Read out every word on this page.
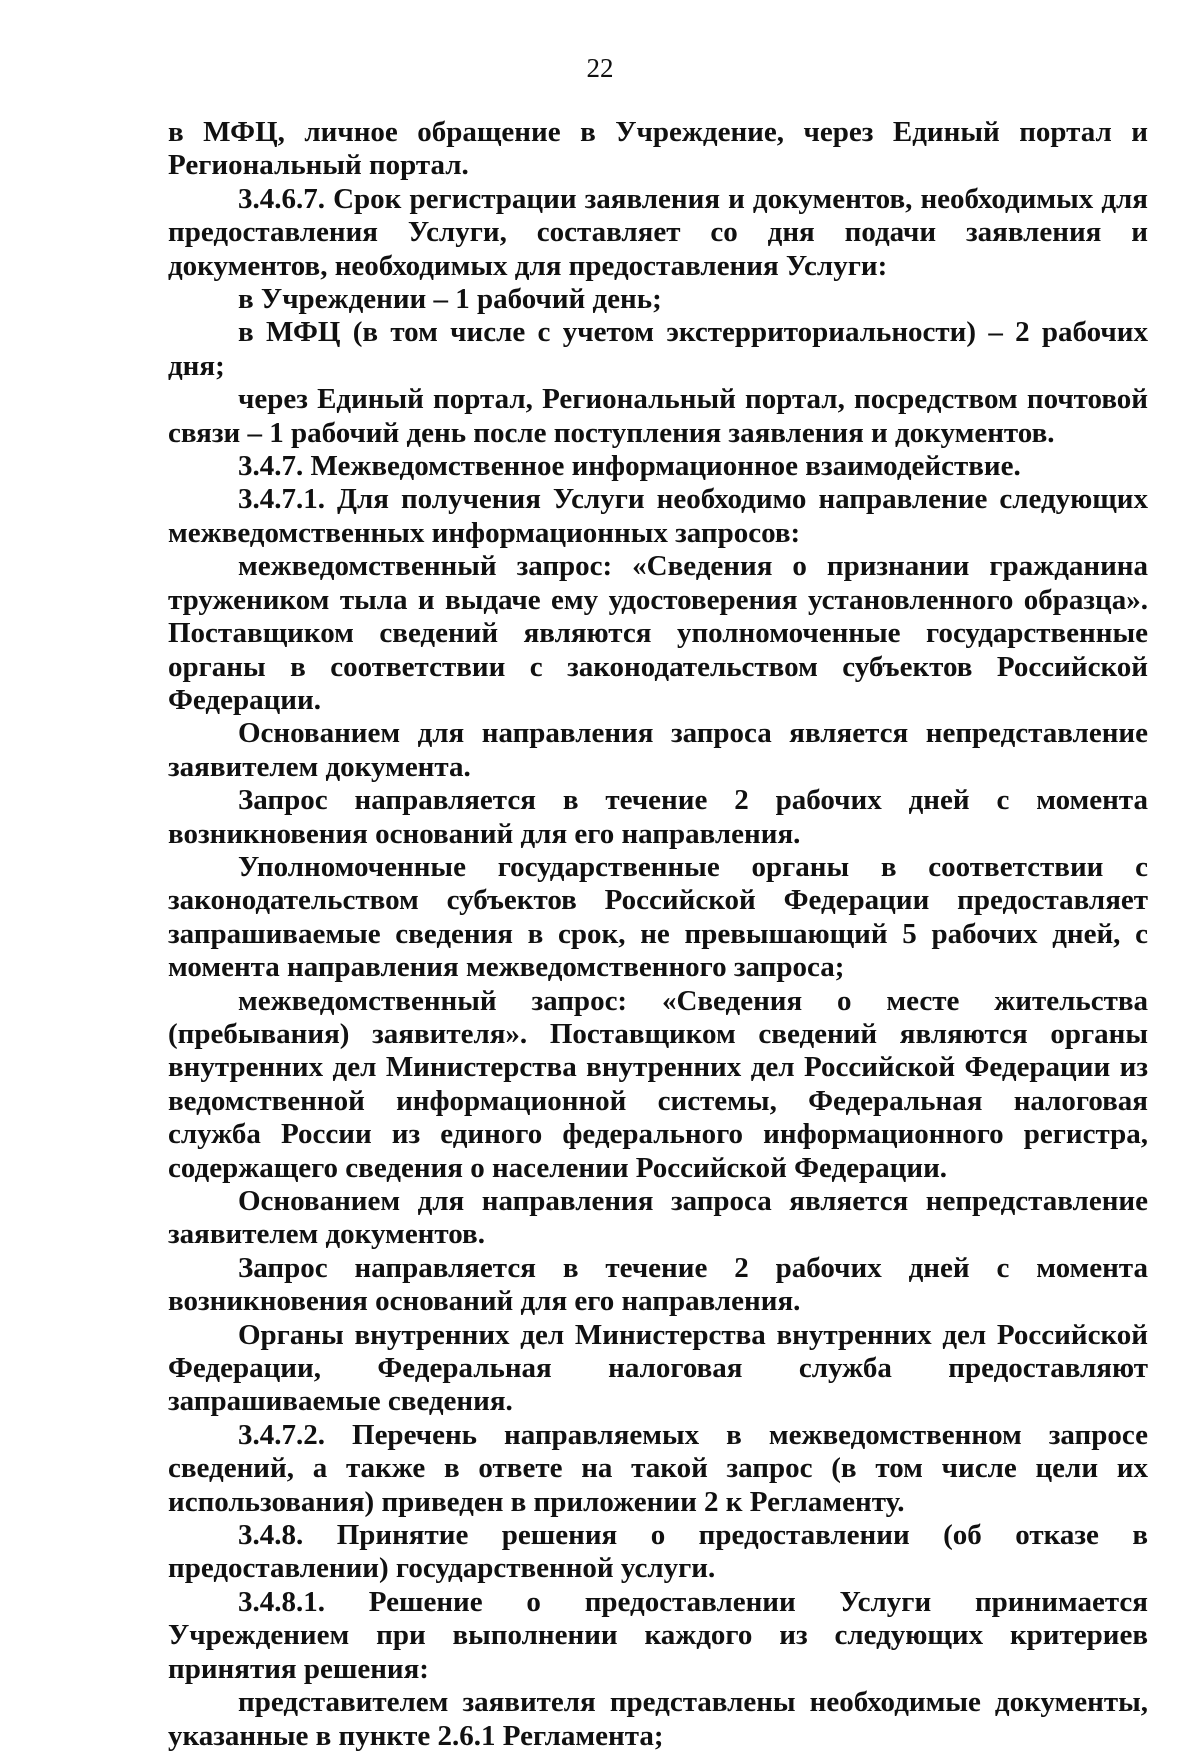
22

в МФЦ, личное обращение в Учреждение, через Единый портал и Региональный портал.

3.4.6.7. Срок регистрации заявления и документов, необходимых для предоставления Услуги, составляет со дня подачи заявления и документов, необходимых для предоставления Услуги:

в Учреждении – 1 рабочий день;

в МФЦ (в том числе с учетом экстерриториальности) – 2 рабочих дня;

через Единый портал, Региональный портал, посредством почтовой связи – 1 рабочий день после поступления заявления и документов.

3.4.7. Межведомственное информационное взаимодействие.

3.4.7.1. Для получения Услуги необходимо направление следующих межведомственных информационных запросов:

межведомственный запрос: «Сведения о признании гражданина тружеником тыла и выдаче ему удостоверения установленного образца». Поставщиком сведений являются уполномоченные государственные органы в соответствии с законодательством субъектов Российской Федерации.

Основанием для направления запроса является непредставление заявителем документа.

Запрос направляется в течение 2 рабочих дней с момента возникновения оснований для его направления.

Уполномоченные государственные органы в соответствии с законодательством субъектов Российской Федерации предоставляет запрашиваемые сведения в срок, не превышающий 5 рабочих дней, с момента направления межведомственного запроса;

межведомственный запрос: «Сведения о месте жительства (пребывания) заявителя». Поставщиком сведений являются органы внутренних дел Министерства внутренних дел Российской Федерации из ведомственной информационной системы, Федеральная налоговая служба России из единого федерального информационного регистра, содержащего сведения о населении Российской Федерации.

Основанием для направления запроса является непредставление заявителем документов.

Запрос направляется в течение 2 рабочих дней с момента возникновения оснований для его направления.

Органы внутренних дел Министерства внутренних дел Российской Федерации, Федеральная налоговая служба предоставляют запрашиваемые сведения.

3.4.7.2. Перечень направляемых в межведомственном запросе сведений, а также в ответе на такой запрос (в том числе цели их использования) приведен в приложении 2 к Регламенту.

3.4.8. Принятие решения о предоставлении (об отказе в предоставлении) государственной услуги.

3.4.8.1. Решение о предоставлении Услуги принимается Учреждением при выполнении каждого из следующих критериев принятия решения:

представителем заявителя представлены необходимые документы, указанные в пункте 2.6.1 Регламента;
